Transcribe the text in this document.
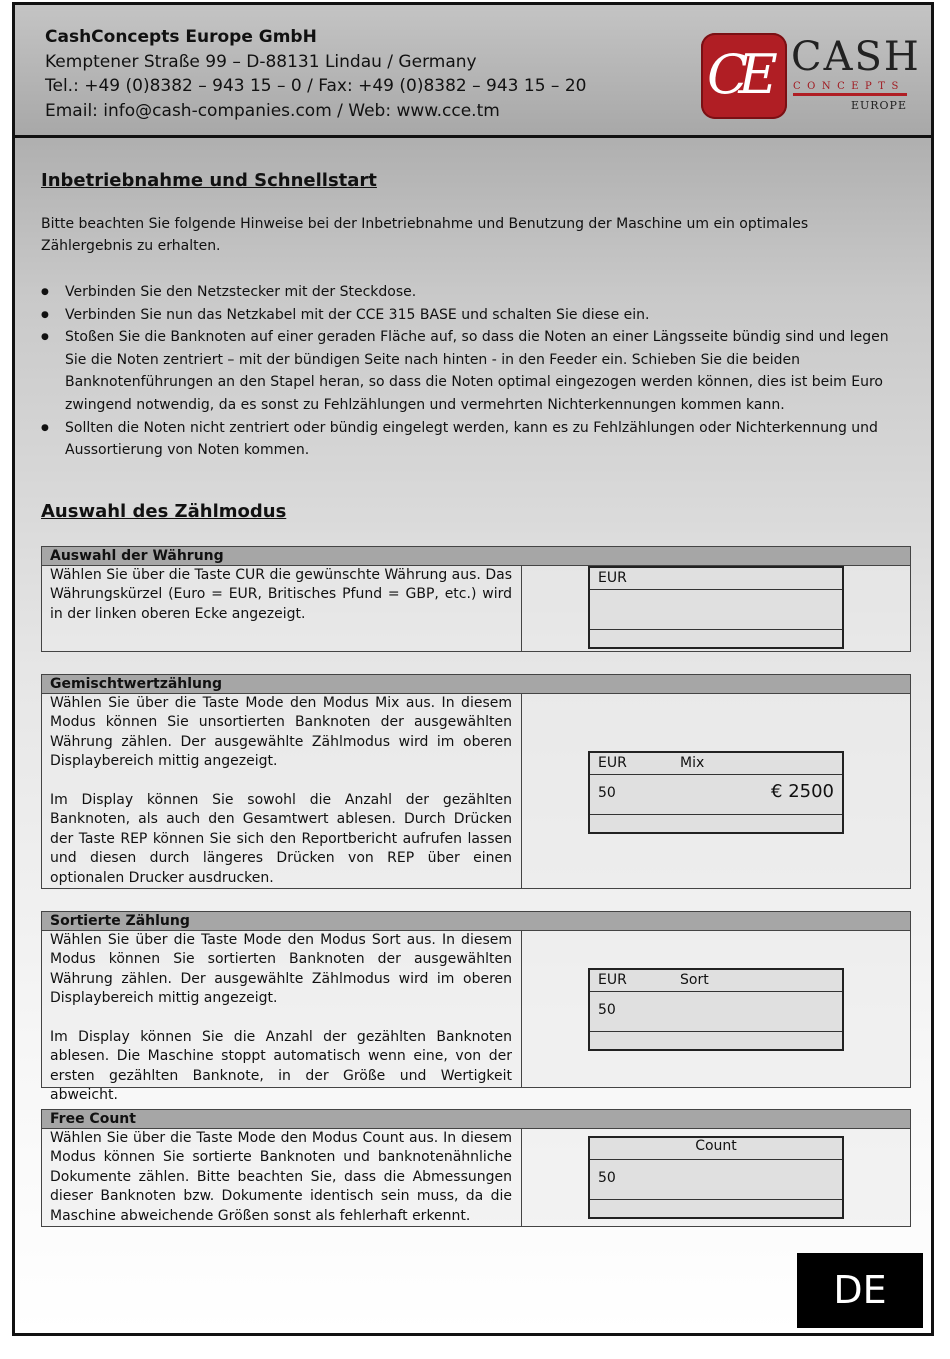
CashConcepts Europe GmbH
Kemptener Straße 99 – D-88131 Lindau / Germany
Tel.: +49 (0)8382 – 943 15 – 0 / Fax: +49 (0)8382 – 943 15 – 20
Email: info@cash-companies.com / Web: www.cce.tm
CE CASH
CONCEPTS
EUROPE
Inbetriebnahme und Schnellstart
Bitte beachten Sie folgende Hinweise bei der Inbetriebnahme und Benutzung der Maschine um ein optimales Zählergebnis zu erhalten.
● Verbinden Sie den Netzstecker mit der Steckdose.
● Verbinden Sie nun das Netzkabel mit der CCE 315 BASE und schalten Sie diese ein.
● Stoßen Sie die Banknoten auf einer geraden Fläche auf, so dass die Noten an einer Längsseite bündig sind und legen Sie die Noten zentriert – mit der bündigen Seite nach hinten - in den Feeder ein. Schieben Sie die beiden Banknotenführungen an den Stapel heran, so dass die Noten optimal eingezogen werden können, dies ist beim Euro zwingend notwendig, da es sonst zu Fehlzählungen und vermehrten Nichterkennungen kommen kann.
● Sollten die Noten nicht zentriert oder bündig eingelegt werden, kann es zu Fehlzählungen oder Nichterkennung und Aussortierung von Noten kommen.
Auswahl des Zählmodus
Auswahl der Währung

Wählen Sie über die Taste CUR die gewünschte Währung aus. Das Währungskürzel (Euro = EUR, Britisches Pfund = GBP, etc.) wird in der linken oberen Ecke angezeigt.

EUR
Gemischtwertzählung

Wählen Sie über die Taste Mode den Modus Mix aus. In diesem Modus können Sie unsortierten Banknoten der ausgewählten Währung zählen. Der ausgewählte Zählmodus wird im oberen Displaybereich mittig angezeigt.

Im Display können Sie sowohl die Anzahl der gezählten Banknoten, als auch den Gesamtwert ablesen. Durch Drücken der Taste REP können Sie sich den Reportbericht aufrufen lassen und diesen durch längeres Drücken von REP über einen optionalen Drucker ausdrucken.

EUR	Mix
50	€ 2500
Sortierte Zählung

Wählen Sie über die Taste Mode den Modus Sort aus. In diesem Modus können Sie sortierten Banknoten der ausgewählten Währung zählen. Der ausgewählte Zählmodus wird im oberen Displaybereich mittig angezeigt.

Im Display können Sie die Anzahl der gezählten Banknoten ablesen. Die Maschine stoppt automatisch wenn eine, von der ersten gezählten Banknote, in der Größe und Wertigkeit abweicht.

EUR	Sort
50
Free Count

Wählen Sie über die Taste Mode den Modus Count aus. In diesem Modus können Sie sortierte Banknoten und banknotenähnliche Dokumente zählen. Bitte beachten Sie, dass die Abmessungen dieser Banknoten bzw. Dokumente identisch sein muss, da die Maschine abweichende Größen sonst als fehlerhaft erkennt.

Count
50
DE
